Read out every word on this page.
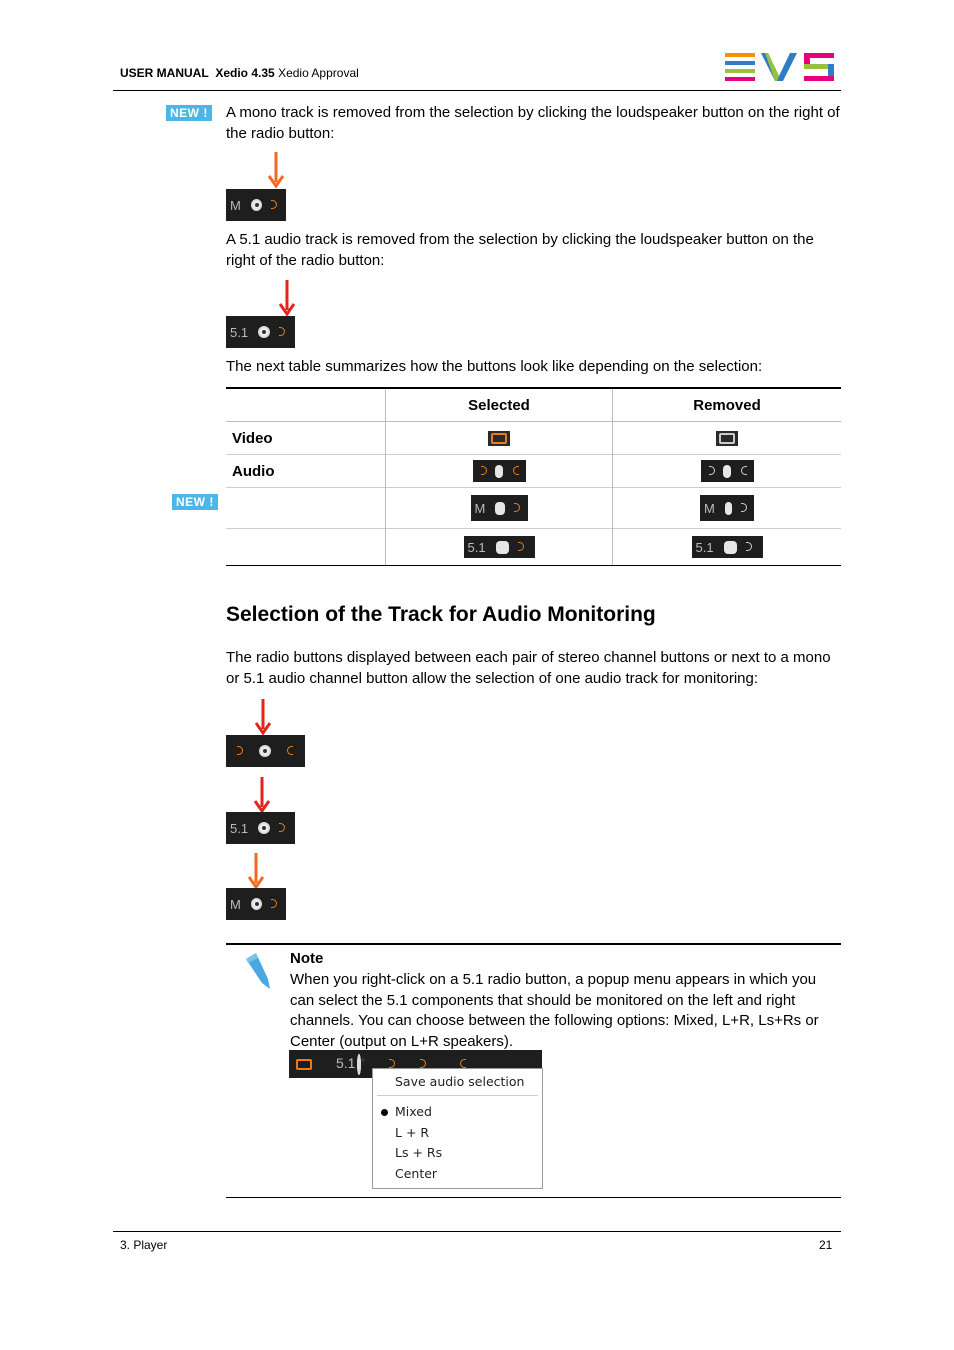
USER MANUAL Xedio 4.35 Xedio Approval
NEW ! A mono track is removed from the selection by clicking the loudspeaker button on the right of the radio button:
M
A 5.1 audio track is removed from the selection by clicking the loudspeaker button on the right of the radio button:
5.1
The next table summarizes how the buttons look like depending on the selection:
NEW !
	Selected	Removed
Video	

Audio	

	M	M

	5.1	5.1
Selection of the Track for Audio Monitoring
The radio buttons displayed between each pair of stereo channel buttons or next to a mono or 5.1 audio channel button allow the selection of one audio track for monitoring:
5.1
M
Note
When you right-click on a 5.1 radio button, a popup menu appears in which you can select the 5.1 components that should be monitored on the left and right channels. You can choose between the following options: Mixed, L+R, Ls+Rs or Center (output on L+R speakers).
5.1
Save audio selection
Mixed
L + R
Ls + Rs
Center
3. Player	21
